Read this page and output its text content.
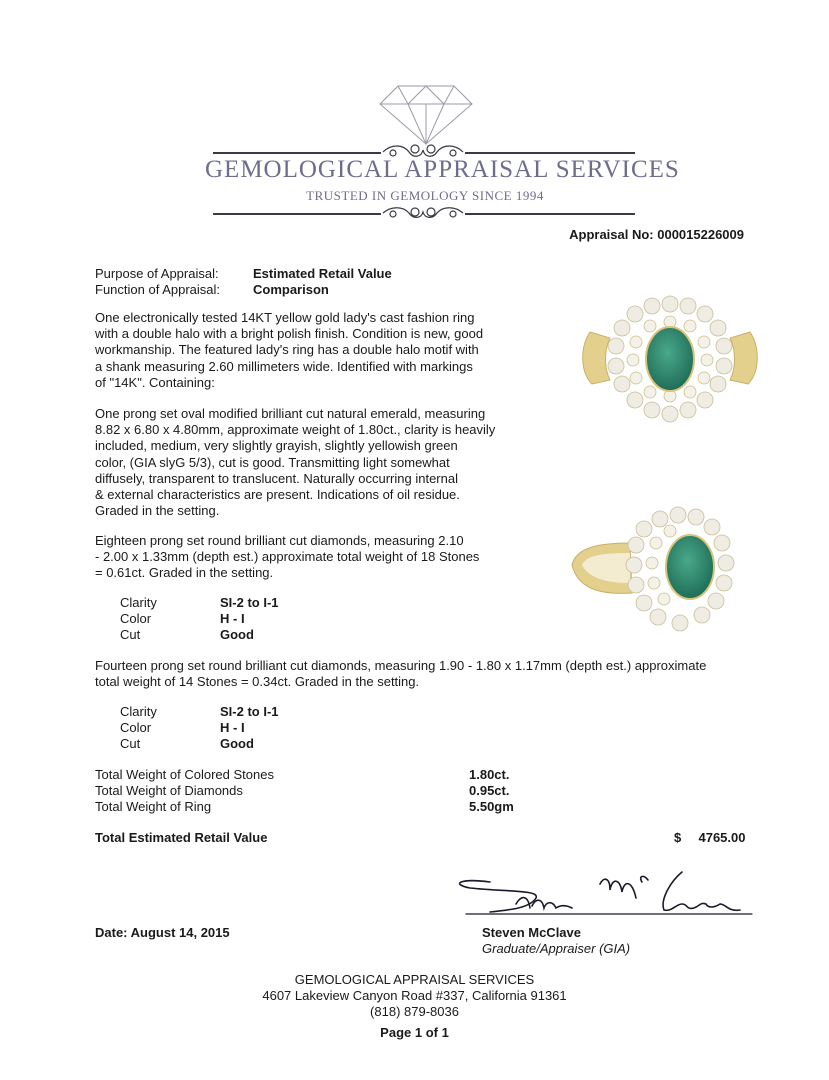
GEMOLOGICAL APPRAISAL SERVICES
TRUSTED IN GEMOLOGY SINCE 1994
Appraisal No: 000015226009
Purpose of Appraisal:	Estimated Retail Value
Function of Appraisal:	Comparison
One electronically tested 14KT yellow gold lady's cast fashion ring
with a double halo with a bright polish finish. Condition is new, good
workmanship. The featured lady's ring has a double halo motif with
a shank measuring 2.60 millimeters wide. Identified with markings
of "14K". Containing:
One prong set oval modified brilliant cut natural emerald, measuring
8.82 x 6.80 x 4.80mm, approximate weight of 1.80ct., clarity is heavily
included, medium, very slightly grayish, slightly yellowish green
color, (GIA slyG 5/3), cut is good. Transmitting light somewhat
diffusely, transparent to translucent. Naturally occurring internal
& external characteristics are present. Indications of oil residue.
Graded in the setting.
Eighteen prong set round brilliant cut diamonds, measuring 2.10
- 2.00 x 1.33mm (depth est.) approximate total weight of 18 Stones
= 0.61ct. Graded in the setting.
Clarity	SI-2 to I-1
Color	H - I
Cut	Good
Fourteen prong set round brilliant cut diamonds, measuring 1.90 - 1.80 x 1.17mm (depth est.) approximate
total weight of 14 Stones = 0.34ct. Graded in the setting.
Clarity	SI-2 to I-1
Color	H - I
Cut	Good
Total Weight of Colored Stones	1.80ct.
Total Weight of Diamonds	0.95ct.
Total Weight of Ring	5.50gm
Total Estimated Retail Value	$ 4765.00
Date: August 14, 2015	Steven McClave
Graduate/Appraiser (GIA)
GEMOLOGICAL APPRAISAL SERVICES
4607 Lakeview Canyon Road #337, California 91361
(818) 879-8036
Page 1 of 1
